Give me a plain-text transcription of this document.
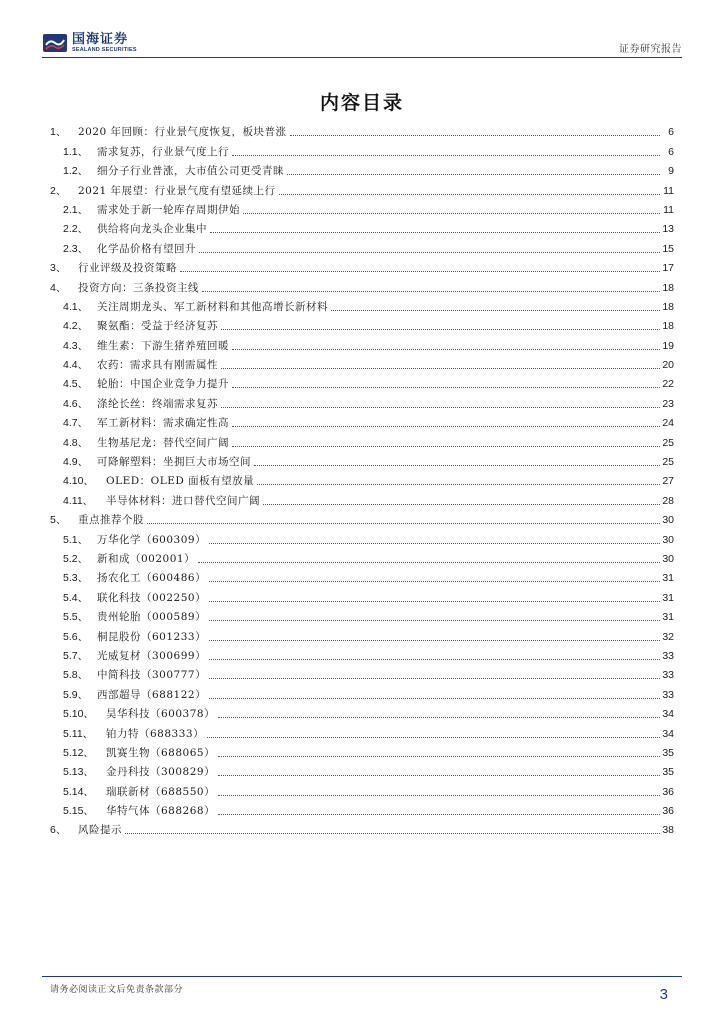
国海证券
SEALAND SECURITIES	证券研究报告
内容目录
1、	2020 年回顾：行业景气度恢复，板块普涨	6
1.1、 需求复苏，行业景气度上行	6
1.2、 细分子行业普涨，大市值公司更受青睐	9
2、	2021 年展望：行业景气度有望延续上行	11
2.1、 需求处于新一轮库存周期伊始	11
2.2、 供给将向龙头企业集中	13
2.3、 化学品价格有望回升	15
3、	行业评级及投资策略	17
4、	投资方向：三条投资主线	18
4.1、 关注周期龙头、军工新材料和其他高增长新材料	18
4.2、 聚氨酯：受益于经济复苏	18
4.3、 维生素：下游生猪养殖回暖	19
4.4、 农药：需求具有刚需属性	20
4.5、 轮胎：中国企业竞争力提升	22
4.6、 涤纶长丝：终端需求复苏	23
4.7、 军工新材料：需求确定性高	24
4.8、 生物基尼龙：替代空间广阔	25
4.9、 可降解塑料：坐拥巨大市场空间	25
4.10、	OLED：OLED 面板有望放量	27
4.11、	半导体材料：进口替代空间广阔	28
5、	重点推荐个股	30
5.1、 万华化学（600309）	30
5.2、 新和成（002001）	30
5.3、 扬农化工（600486）	31
5.4、 联化科技（002250）	31
5.5、 贵州轮胎（000589）	31
5.6、 桐昆股份（601233）	32
5.7、 光威复材（300699）	33
5.8、 中简科技（300777）	33
5.9、 西部超导（688122）	33
5.10、	昊华科技（600378）	34
5.11、	铂力特（688333）	34
5.12、	凯赛生物（688065）	35
5.13、	金丹科技（300829）	35
5.14、	瑞联新材（688550）	36
5.15、	华特气体（688268）	36
6、	风险提示	38
请务必阅读正文后免责条款部分	3
